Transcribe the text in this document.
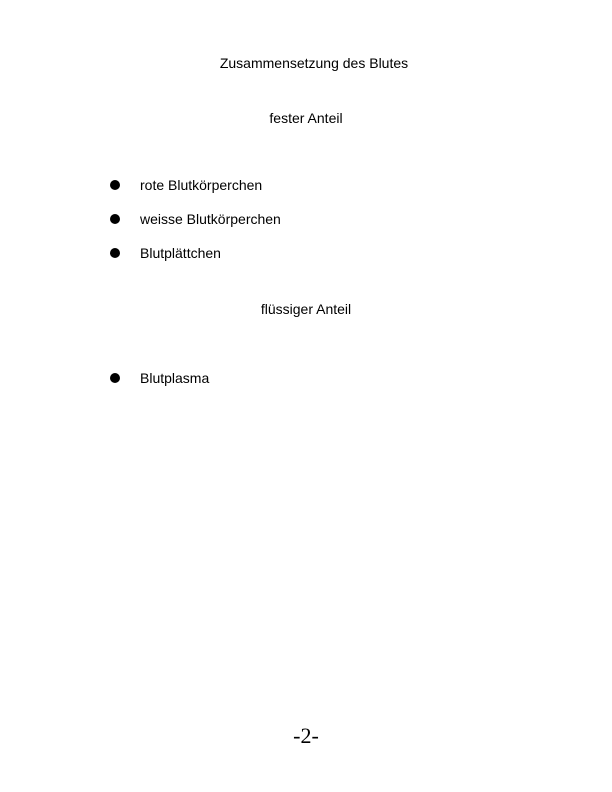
Zusammensetzung des Blutes
fester Anteil
rote Blutkörperchen
weisse Blutkörperchen
Blutplättchen
flüssiger Anteil
Blutplasma
-2-
